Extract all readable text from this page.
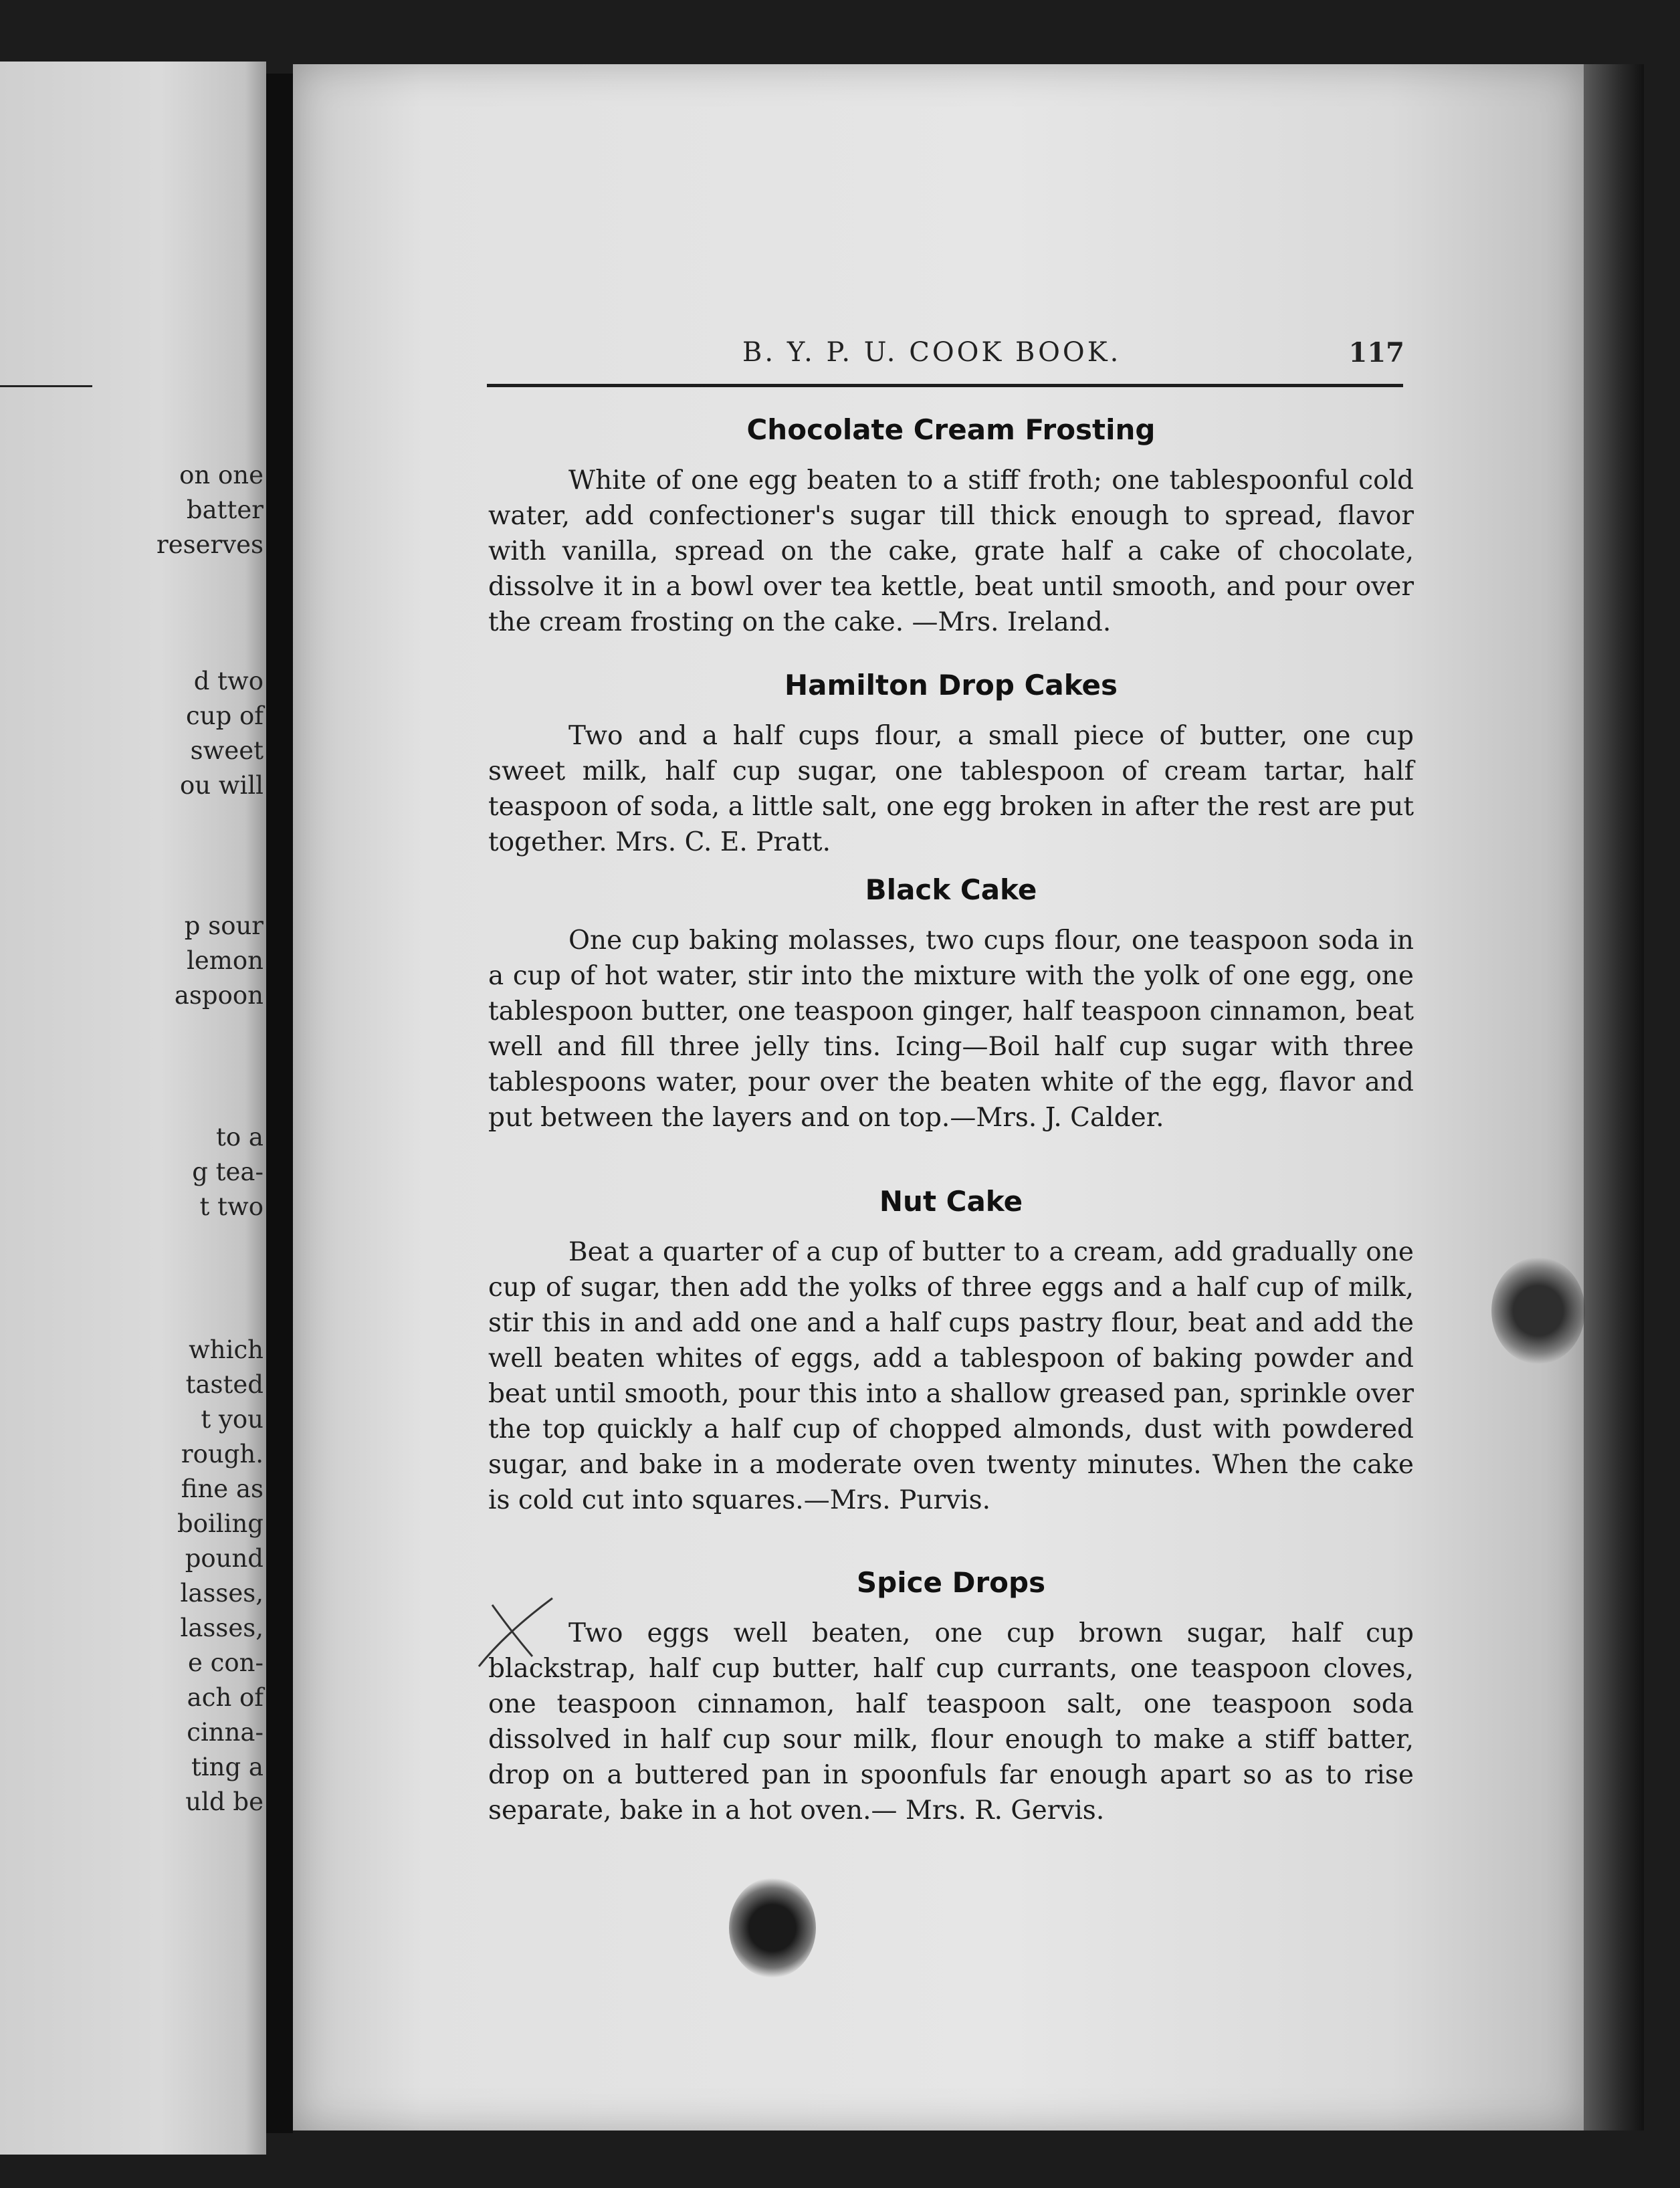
on one
batter
reserves
d two
cup of
sweet
ou will
p sour
lemon
aspoon
to a
g tea-
t two
which
tasted
t you
rough.
fine as
boiling
pound
lasses,
lasses,
e con-
ach of
cinna-
ting a
uld be
B. Y. P. U. COOK BOOK.	117
Chocolate Cream Frosting
White of one egg beaten to a stiff froth; one tablespoonful cold water, add confectioner's sugar till thick enough to spread, flavor with vanilla, spread on the cake, grate half a cake of chocolate, dissolve it in a bowl over tea kettle, beat until smooth, and pour over the cream frosting on the cake. —Mrs. Ireland.
Hamilton Drop Cakes
Two and a half cups flour, a small piece of butter, one cup sweet milk, half cup sugar, one tablespoon of cream tartar, half teaspoon of soda, a little salt, one egg broken in after the rest are put together. Mrs. C. E. Pratt.
Black Cake
One cup baking molasses, two cups flour, one teaspoon soda in a cup of hot water, stir into the mixture with the yolk of one egg, one tablespoon butter, one teaspoon ginger, half teaspoon cinnamon, beat well and fill three jelly tins. Icing—Boil half cup sugar with three tablespoons water, pour over the beaten white of the egg, flavor and put between the layers and on top.—Mrs. J. Calder.
Nut Cake
Beat a quarter of a cup of butter to a cream, add gradually one cup of sugar, then add the yolks of three eggs and a half cup of milk, stir this in and add one and a half cups pastry flour, beat and add the well beaten whites of eggs, add a tablespoon of baking powder and beat until smooth, pour this into a shallow greased pan, sprinkle over the top quickly a half cup of chopped almonds, dust with powdered sugar, and bake in a moderate oven twenty minutes. When the cake is cold cut into squares.—Mrs. Purvis.
Spice Drops
Two eggs well beaten, one cup brown sugar, half cup blackstrap, half cup butter, half cup currants, one teaspoon cloves, one teaspoon cinnamon, half teaspoon salt, one teaspoon soda dissolved in half cup sour milk, flour enough to make a stiff batter, drop on a buttered pan in spoonfuls far enough apart so as to rise separate, bake in a hot oven.— Mrs. R. Gervis.
